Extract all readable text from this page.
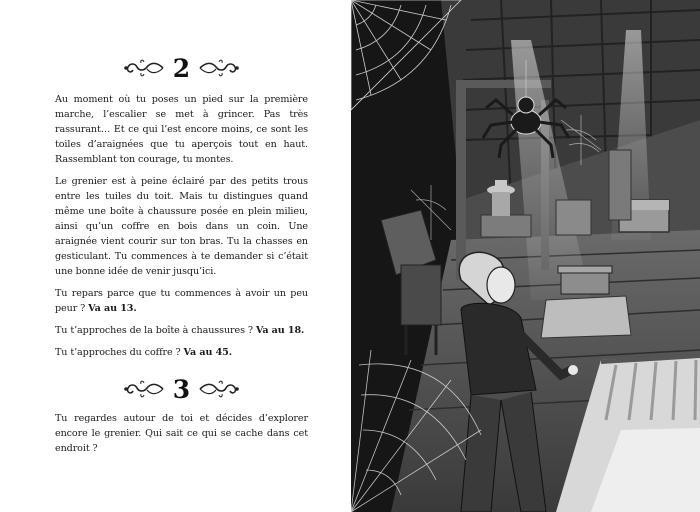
2

Au moment où tu poses un pied sur la première marche, l’escalier se met à grincer. Pas très rassurant… Et ce qui l’est encore moins, ce sont les toiles d’araignées que tu aperçois tout en haut. Rassemblant ton courage, tu montes.

Le grenier est à peine éclairé par des petits trous entre les tuiles du toit. Mais tu distingues quand même une boîte à chaussure posée en plein milieu, ainsi qu’un coffre en bois dans un coin. Une araignée vient courir sur ton bras. Tu la chasses en gesticulant. Tu commences à te demander si c’était une bonne idée de venir jusqu’ici.

Tu repars parce que tu commences à avoir un peu peur ? Va au 13.

Tu t’approches de la boîte à chaussures ? Va au 18.

Tu t’approches du coffre ? Va au 45.

3

Tu regardes autour de toi et décides d’explorer encore le grenier. Qui sait ce qui se cache dans cet endroit ?
